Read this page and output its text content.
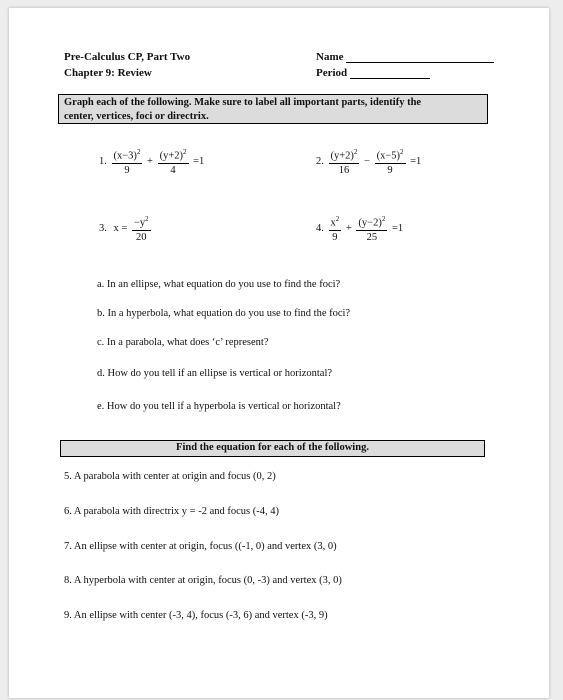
Pre-Calculus CP, Part Two
Chapter 9: Review
Name
Period
Graph each of the following. Make sure to label all important parts, identify the
center, vertices, foci or directrix.
1. $\frac{(x-3)^2}{9} + \frac{(y+2)^2}{4} =1$	2. $\frac{(y+2)^2}{16} - \frac{(x-5)^2}{9} =1$
3. $x = \frac{-y^2}{20}$	4. $\frac{x^2}{9} + \frac{(y-2)^2}{25} =1$
a. In an ellipse, what equation do you use to find the foci?
b. In a hyperbola, what equation do you use to find the foci?
c. In a parabola, what does ‘c’ represent?
d. How do you tell if an ellipse is vertical or horizontal?
e. How do you tell if a hyperbola is vertical or horizontal?
Find the equation for each of the following.
5. A parabola with center at origin and focus (0, 2)
6. A parabola with directrix y = -2 and focus (-4, 4)
7. An ellipse with center at origin, focus ((-1, 0) and vertex (3, 0)
8. A hyperbola with center at origin, focus (0, -3) and vertex (3, 0)
9. An ellipse with center (-3, 4), focus (-3, 6) and vertex (-3, 9)
